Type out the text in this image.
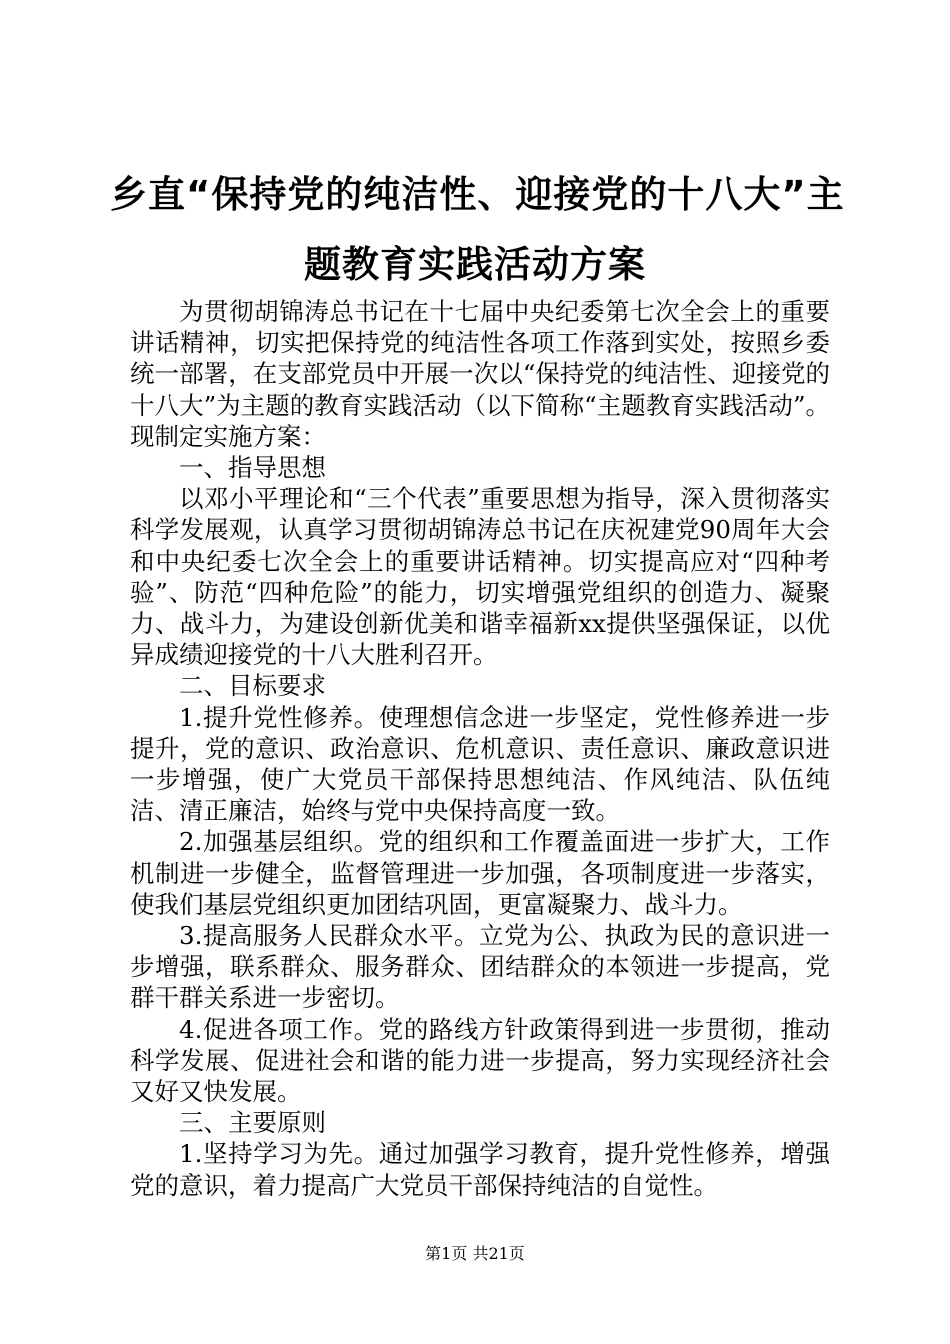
乡直“保持党的纯洁性、迎接党的十八大”主
题教育实践活动方案

为贯彻胡锦涛总书记在十七届中央纪委第七次全会上的重要讲话精神，切实把保持党的纯洁性各项工作落到实处，按照乡委统一部署，在支部党员中开展一次以“保持党的纯洁性、迎接党的十八大”为主题的教育实践活动（以下简称“主题教育实践活动”。现制定实施方案：

一、指导思想

以邓小平理论和“三个代表”重要思想为指导，深入贯彻落实科学发展观，认真学习贯彻胡锦涛总书记在庆祝建党90周年大会和中央纪委七次全会上的重要讲话精神。切实提高应对“四种考验”、防范“四种危险”的能力，切实增强党组织的创造力、凝聚力、战斗力，为建设创新优美和谐幸福新xx提供坚强保证，以优异成绩迎接党的十八大胜利召开。

二、目标要求

1.提升党性修养。使理想信念进一步坚定，党性修养进一步提升，党的意识、政治意识、危机意识、责任意识、廉政意识进一步增强，使广大党员干部保持思想纯洁、作风纯洁、队伍纯洁、清正廉洁，始终与党中央保持高度一致。

2.加强基层组织。党的组织和工作覆盖面进一步扩大，工作机制进一步健全，监督管理进一步加强，各项制度进一步落实，使我们基层党组织更加团结巩固，更富凝聚力、战斗力。

3.提高服务人民群众水平。立党为公、执政为民的意识进一步增强，联系群众、服务群众、团结群众的本领进一步提高，党群干群关系进一步密切。

4.促进各项工作。党的路线方针政策得到进一步贯彻，推动科学发展、促进社会和谐的能力进一步提高，努力实现经济社会又好又快发展。

三、主要原则

1.坚持学习为先。通过加强学习教育，提升党性修养，增强党的意识，着力提高广大党员干部保持纯洁的自觉性。

第1页 共21页
